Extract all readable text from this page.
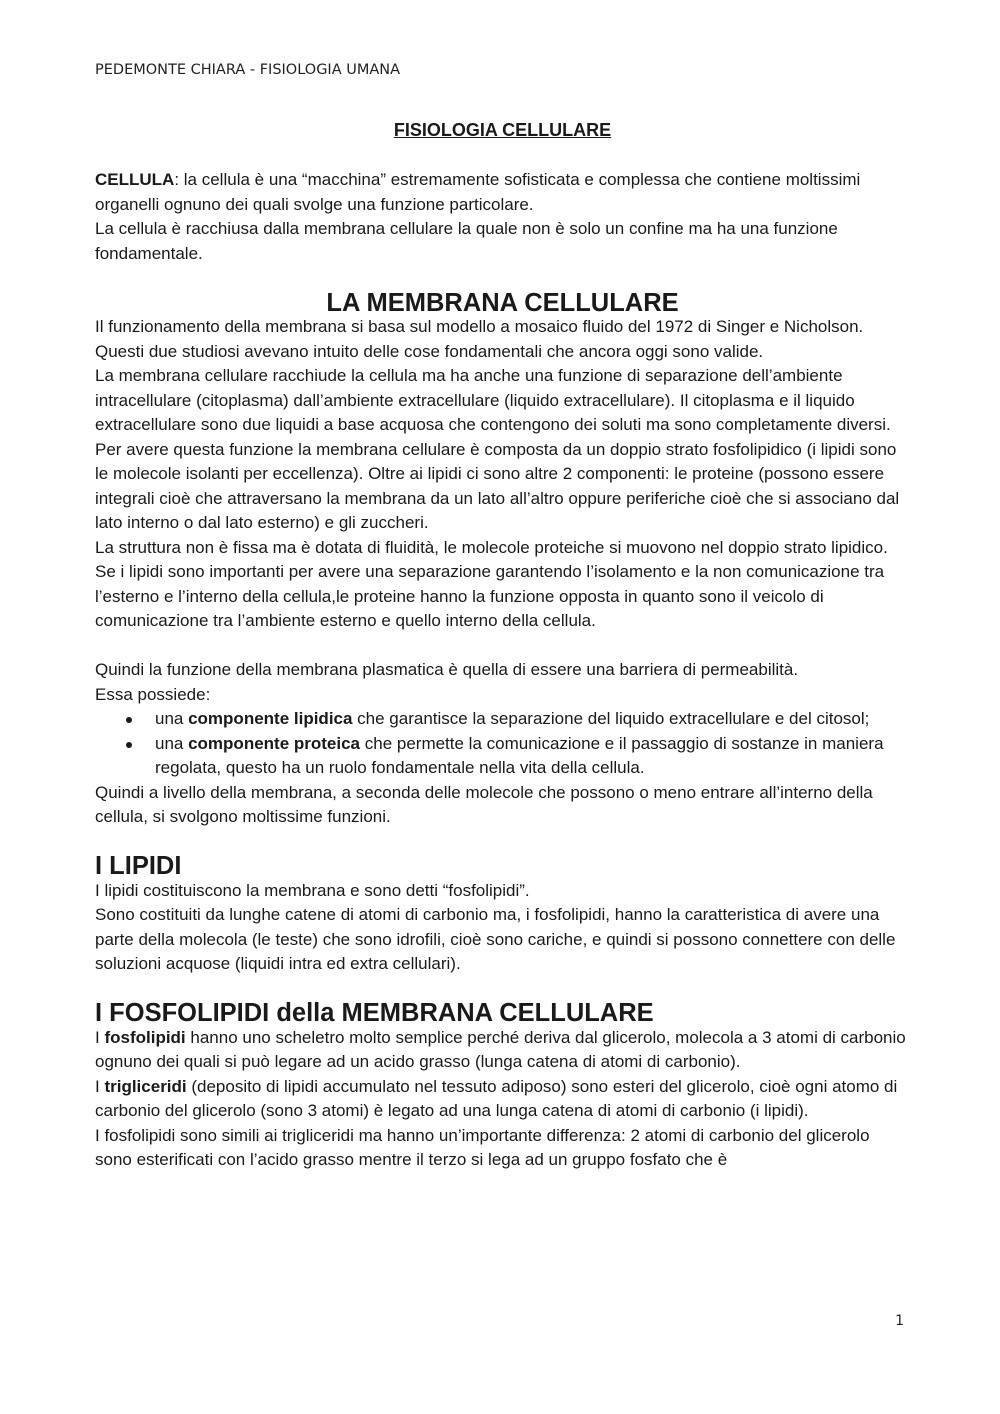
PEDEMONTE CHIARA - FISIOLOGIA UMANA
FISIOLOGIA CELLULARE

CELLULA: la cellula è una “macchina” estremamente sofisticata e complessa che contiene moltissimi organelli ognuno dei quali svolge una funzione particolare.

La cellula è racchiusa dalla membrana cellulare la quale non è solo un confine ma ha una funzione fondamentale.

LA MEMBRANA CELLULARE

Il funzionamento della membrana si basa sul modello a mosaico fluido del 1972 di Singer e Nicholson. Questi due studiosi avevano intuito delle cose fondamentali che ancora oggi sono valide.

La membrana cellulare racchiude la cellula ma ha anche una funzione di separazione dell’ambiente intracellulare (citoplasma) dall’ambiente extracellulare (liquido extracellulare). Il citoplasma e il liquido extracellulare sono due liquidi a base acquosa che contengono dei soluti ma sono completamente diversi.

Per avere questa funzione la membrana cellulare è composta da un doppio strato fosfolipidico (i lipidi sono le molecole isolanti per eccellenza). Oltre ai lipidi ci sono altre 2 componenti: le proteine (possono essere integrali cioè che attraversano la membrana da un lato all’altro oppure periferiche cioè che si associano dal lato interno o dal lato esterno) e gli zuccheri.

La struttura non è fissa ma è dotata di fluidità, le molecole proteiche si muovono nel doppio strato lipidico.

Se i lipidi sono importanti per avere una separazione garantendo l’isolamento e la non comunicazione tra l’esterno e l’interno della cellula,le proteine hanno la funzione opposta in quanto sono il veicolo di comunicazione tra l’ambiente esterno e quello interno della cellula.

Quindi la funzione della membrana plasmatica è quella di essere una barriera di permeabilità.

Essa possiede:

una componente lipidica che garantisce la separazione del liquido extracellulare e del citosol;
una componente proteica che permette la comunicazione e il passaggio di sostanze in maniera regolata, questo ha un ruolo fondamentale nella vita della cellula.

Quindi a livello della membrana, a seconda delle molecole che possono o meno entrare all’interno della cellula, si svolgono moltissime funzioni.

I LIPIDI

I lipidi costituiscono la membrana e sono detti “fosfolipidi”.

Sono costituiti da lunghe catene di atomi di carbonio ma, i fosfolipidi, hanno la caratteristica di avere una parte della molecola (le teste) che sono idrofili, cioè sono cariche, e quindi si possono connettere con delle soluzioni acquose (liquidi intra ed extra cellulari).

I FOSFOLIPIDI della MEMBRANA CELLULARE

I fosfolipidi hanno uno scheletro molto semplice perché deriva dal glicerolo, molecola a 3 atomi di carbonio ognuno dei quali si può legare ad un acido grasso (lunga catena di atomi di carbonio).

I trigliceridi (deposito di lipidi accumulato nel tessuto adiposo) sono esteri del glicerolo, cioè ogni atomo di carbonio del glicerolo (sono 3 atomi) è legato ad una lunga catena di atomi di carbonio (i lipidi).

I fosfolipidi sono simili ai trigliceridi ma hanno un’importante differenza: 2 atomi di carbonio del glicerolo sono esterificati con l’acido grasso mentre il terzo si lega ad un gruppo fosfato che è

1
